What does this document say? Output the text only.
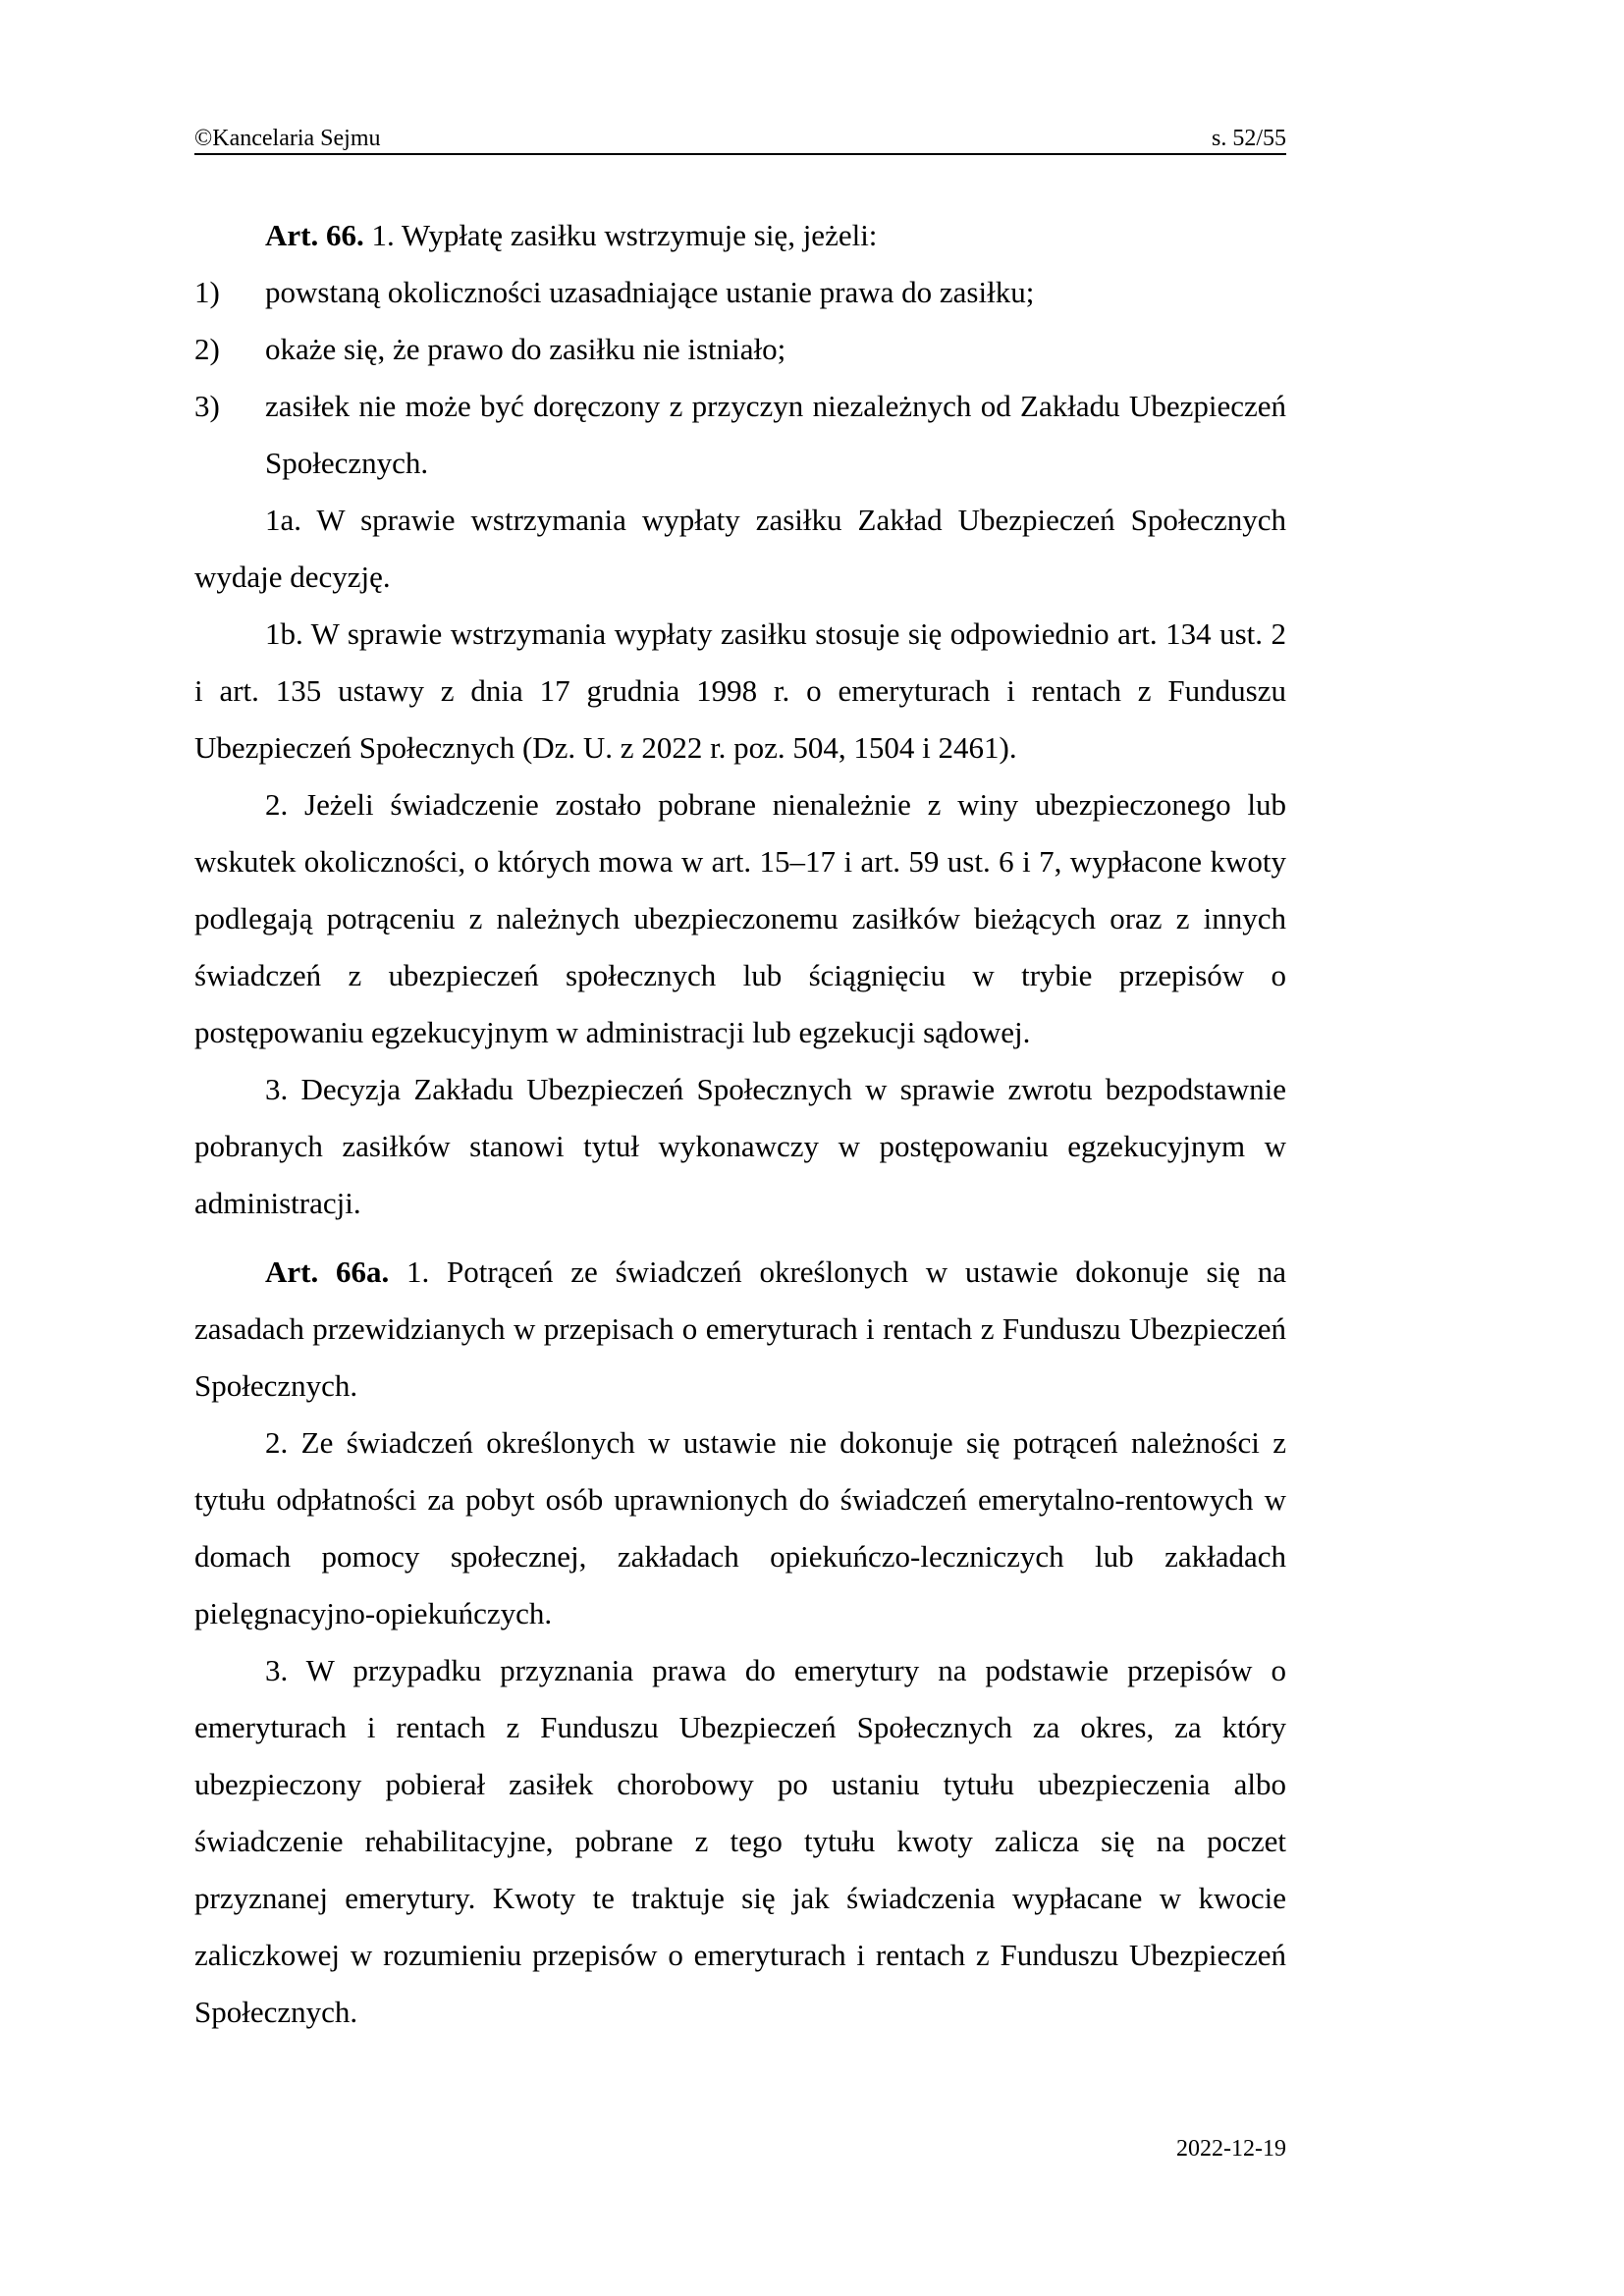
©Kancelaria Sejmu	s. 52/55

Art. 66. 1. Wypłatę zasiłku wstrzymuje się, jeżeli:

1)	powstaną okoliczności uzasadniające ustanie prawa do zasiłku;
2)	okaże się, że prawo do zasiłku nie istniało;
3)	zasiłek nie może być doręczony z przyczyn niezależnych od Zakładu Ubezpieczeń Społecznych.

1a. W sprawie wstrzymania wypłaty zasiłku Zakład Ubezpieczeń Społecznych wydaje decyzję.

1b. W sprawie wstrzymania wypłaty zasiłku stosuje się odpowiednio art. 134 ust. 2 i art. 135 ustawy z dnia 17 grudnia 1998 r. o emeryturach i rentach z Funduszu Ubezpieczeń Społecznych (Dz. U. z 2022 r. poz. 504, 1504 i 2461).

2. Jeżeli świadczenie zostało pobrane nienależnie z winy ubezpieczonego lub wskutek okoliczności, o których mowa w art. 15–17 i art. 59 ust. 6 i 7, wypłacone kwoty podlegają potrąceniu z należnych ubezpieczonemu zasiłków bieżących oraz z innych świadczeń z ubezpieczeń społecznych lub ściągnięciu w trybie przepisów o postępowaniu egzekucyjnym w administracji lub egzekucji sądowej.

3. Decyzja Zakładu Ubezpieczeń Społecznych w sprawie zwrotu bezpodstawnie pobranych zasiłków stanowi tytuł wykonawczy w postępowaniu egzekucyjnym w administracji.

Art. 66a. 1. Potrąceń ze świadczeń określonych w ustawie dokonuje się na zasadach przewidzianych w przepisach o emeryturach i rentach z Funduszu Ubezpieczeń Społecznych.

2. Ze świadczeń określonych w ustawie nie dokonuje się potrąceń należności z tytułu odpłatności za pobyt osób uprawnionych do świadczeń emerytalno-rentowych w domach pomocy społecznej, zakładach opiekuńczo-leczniczych lub zakładach pielęgnacyjno-opiekuńczych.

3. W przypadku przyznania prawa do emerytury na podstawie przepisów o emeryturach i rentach z Funduszu Ubezpieczeń Społecznych za okres, za który ubezpieczony pobierał zasiłek chorobowy po ustaniu tytułu ubezpieczenia albo świadczenie rehabilitacyjne, pobrane z tego tytułu kwoty zalicza się na poczet przyznanej emerytury. Kwoty te traktuje się jak świadczenia wypłacane w kwocie zaliczkowej w rozumieniu przepisów o emeryturach i rentach z Funduszu Ubezpieczeń Społecznych.

2022-12-19
